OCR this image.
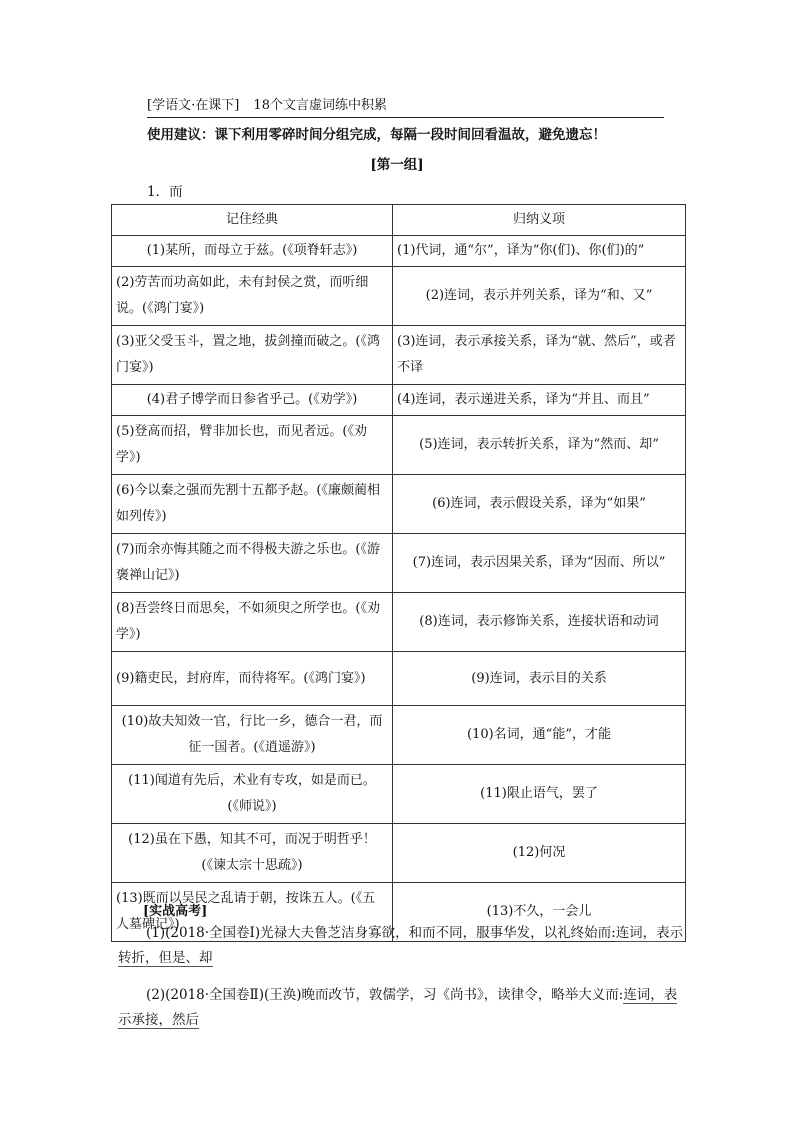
[学语文·在课下] 18个文言虚词练中积累
使用建议：课下利用零碎时间分组完成，每隔一段时间回看温故，避免遗忘！
[第一组]
1．而
记住经典	归纳义项
(1)某所，而母立于兹。(《项脊轩志》)	(1)代词，通“尔”，译为“你(们)、你(们)的”
(2)劳苦而功高如此，未有封侯之赏，而听细说。(《鸿门宴》)	(2)连词，表示并列关系，译为“和、又”
(3)亚父受玉斗，置之地，拔剑撞而破之。(《鸿门宴》)	(3)连词，表示承接关系，译为“就、然后”，或者不译
(4)君子博学而日参省乎己。(《劝学》)	(4)连词，表示递进关系，译为“并且、而且”
(5)登高而招，臂非加长也，而见者远。(《劝学》)	(5)连词，表示转折关系，译为“然而、却”
(6)今以秦之强而先割十五都予赵。(《廉颇蔺相如列传》)	(6)连词，表示假设关系，译为“如果”
(7)而余亦悔其随之而不得极夫游之乐也。(《游褒禅山记》)	(7)连词，表示因果关系，译为“因而、所以”
(8)吾尝终日而思矣，不如须臾之所学也。(《劝学》)	(8)连词，表示修饰关系，连接状语和动词
(9)籍吏民，封府库，而待将军。(《鸿门宴》)	(9)连词，表示目的关系
(10)故夫知效一官，行比一乡，德合一君，而征一国者。(《逍遥游》)	(10)名词，通“能”，才能
(11)闻道有先后，术业有专攻，如是而已。(《师说》)	(11)限止语气，罢了
(12)虽在下愚，知其不可，而况于明哲乎！(《谏太宗十思疏》)	(12)何况
(13)既而以吴民之乱请于朝，按诛五人。(《五人墓碑记》)	(13)不久，一会儿
[实战高考]
(1)(2018·全国卷Ⅰ)光禄大夫鲁芝洁身寡欲，和而不同，服事华发，以礼终始而:连词，表示转折，但是、却
(2)(2018·全国卷Ⅱ)(王涣)晚而改节，敦儒学，习《尚书》，读律令，略举大义而:连词，表示承接，然后
